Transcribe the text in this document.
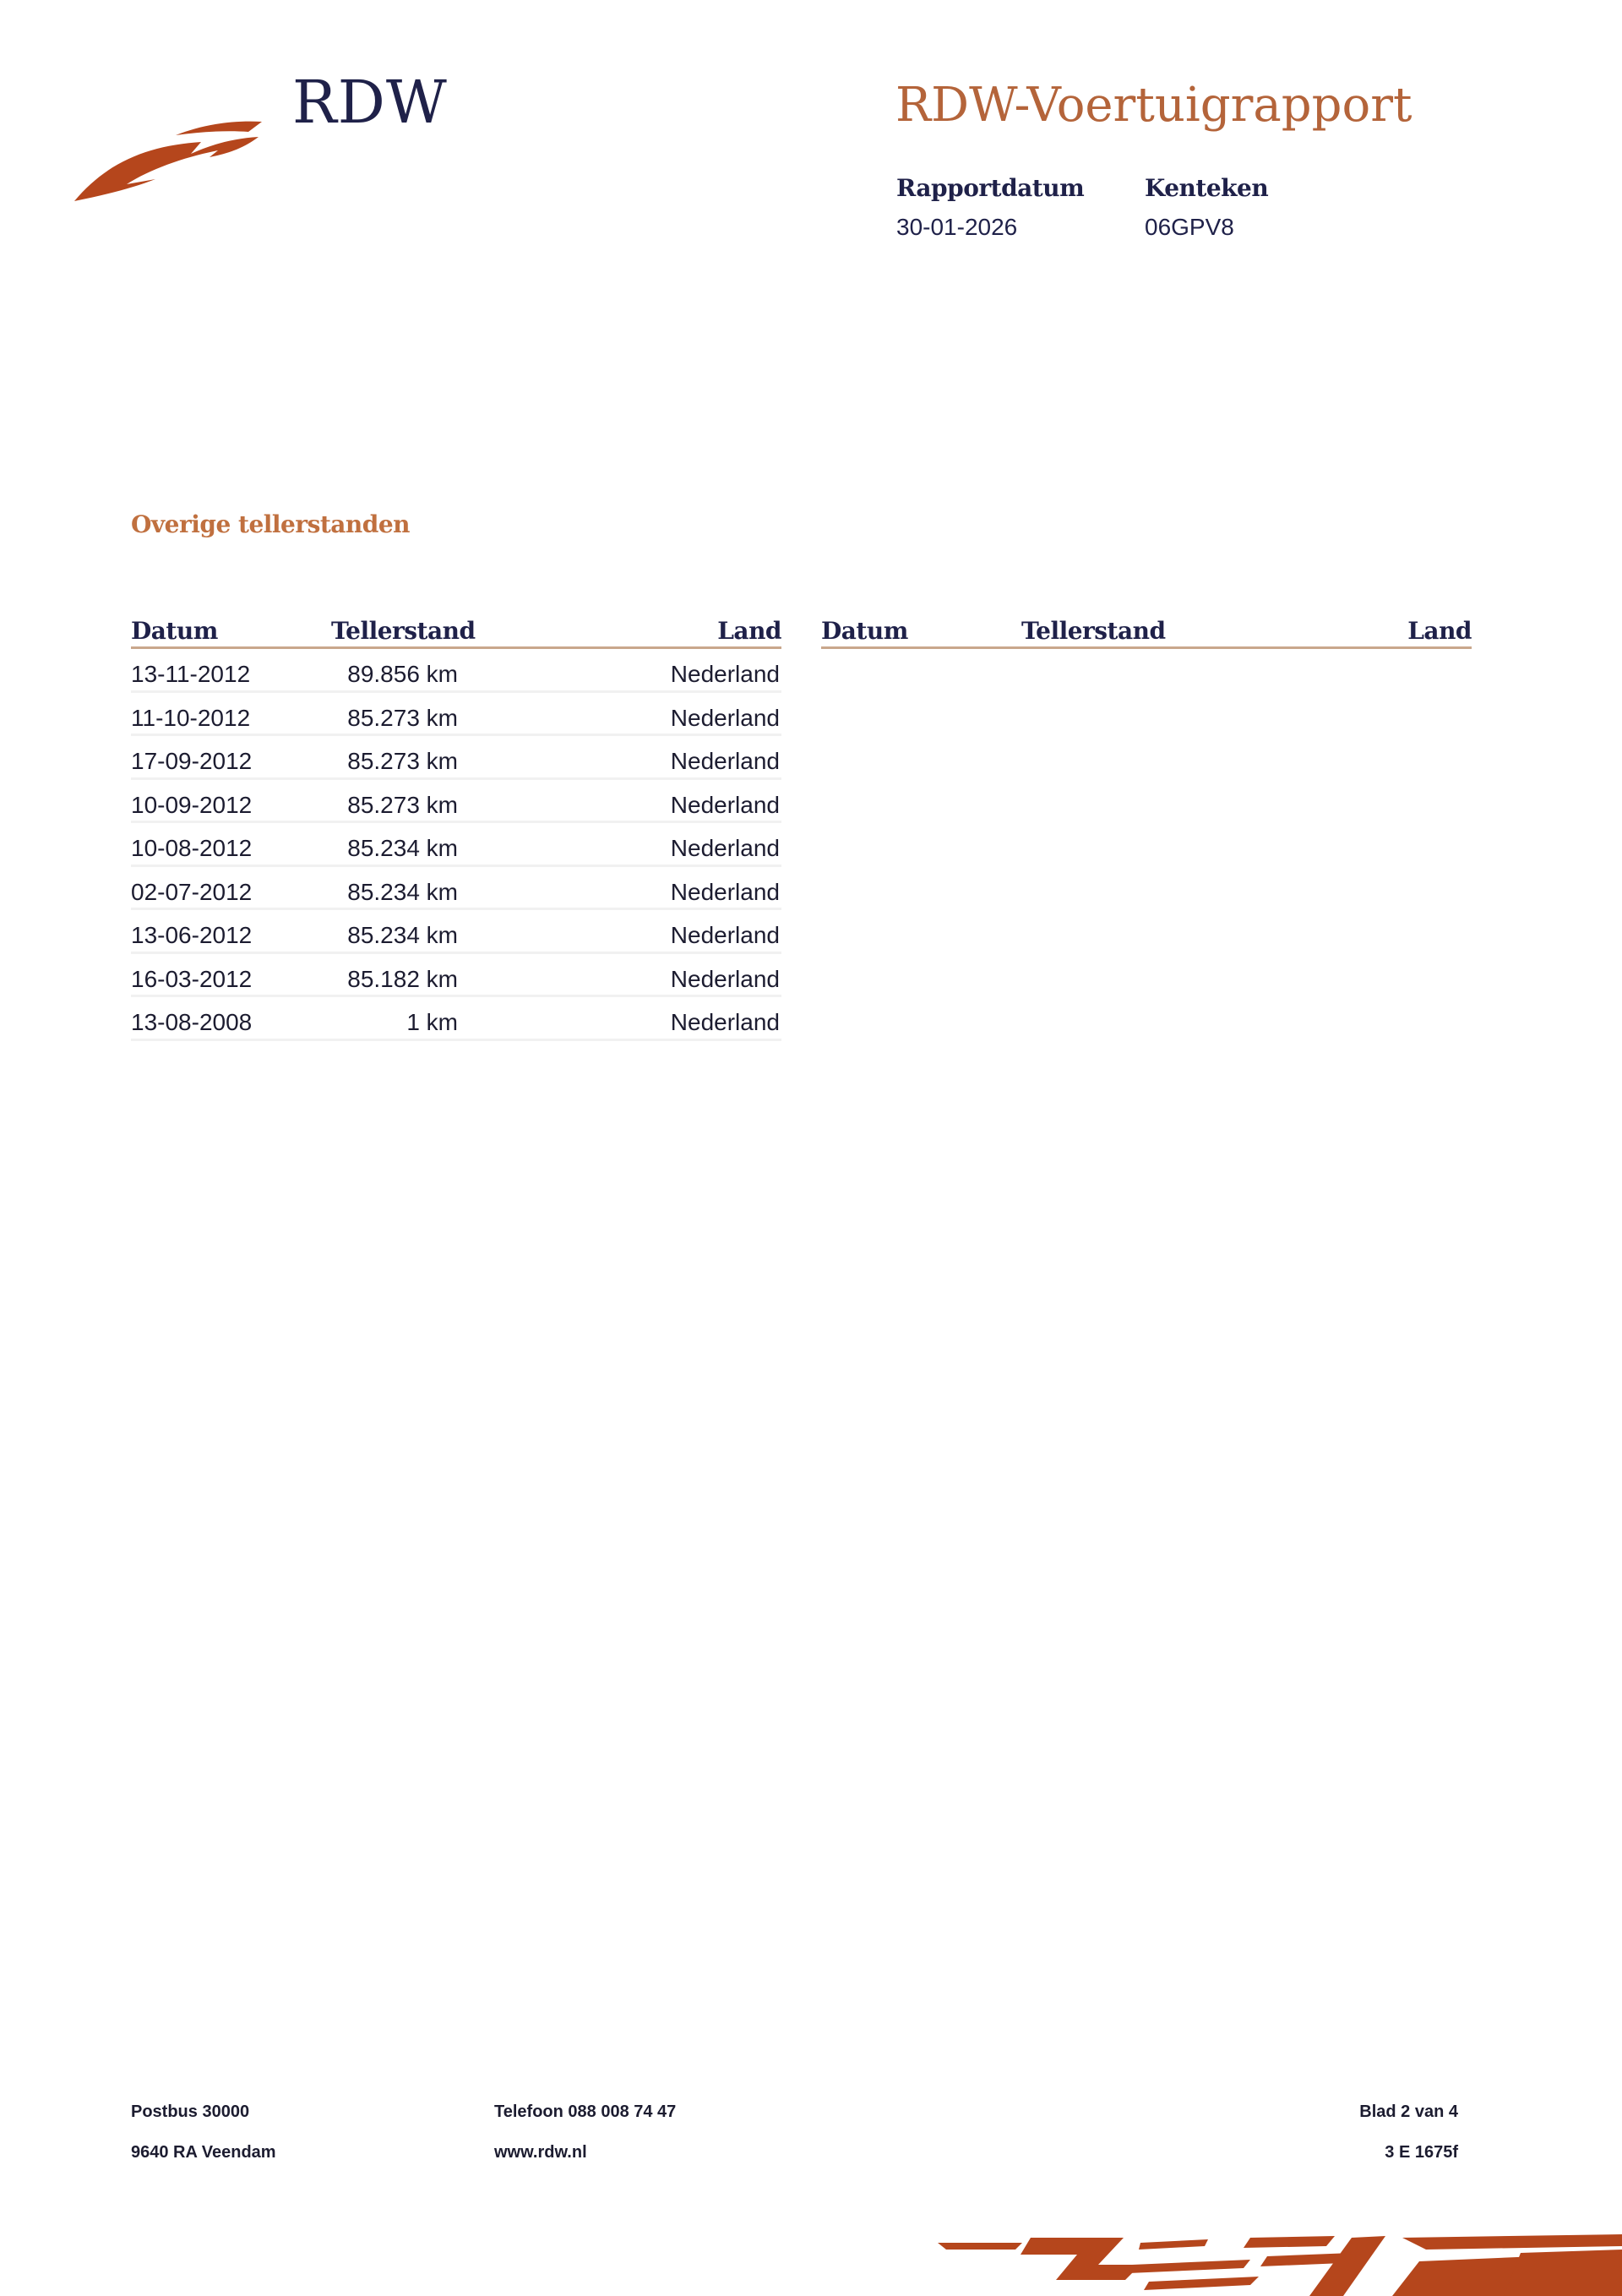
RDW	RDW-Voertuigrapport
Rapportdatum
30-01-2026
Kenteken
06GPV8
Overige tellerstanden
Datum	Tellerstand	Land
13-11-2012	89.856 km	Nederland
11-10-2012	85.273 km	Nederland
17-09-2012	85.273 km	Nederland
10-09-2012	85.273 km	Nederland
10-08-2012	85.234 km	Nederland
02-07-2012	85.234 km	Nederland
13-06-2012	85.234 km	Nederland
16-03-2012	85.182 km	Nederland
13-08-2008	1 km	Nederland
Datum	Tellerstand	Land
Postbus 30000
9640 RA Veendam
Telefoon 088 008 74 47
www.rdw.nl
Blad 2 van 4
3 E 1675f
